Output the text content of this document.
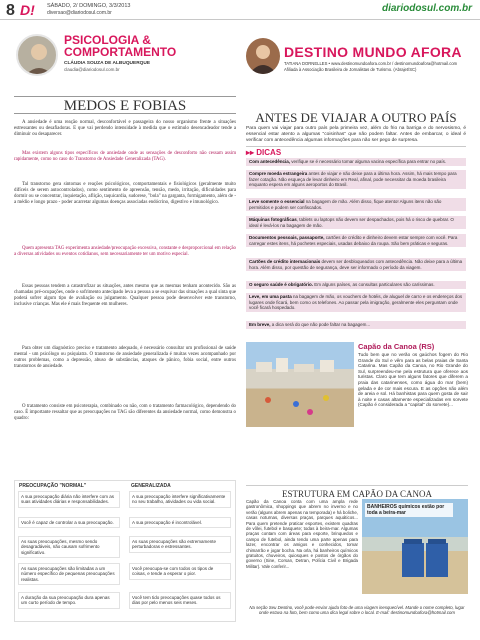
8 D! SÁBADO, 2/ DOMINGO, 3/3/2013
diversao@diariodosul.com.br	diariodosul.com.br
PSICOLOGIA &
COMPORTAMENTO
CLÁUDIA SOUZA DE ALBUQUERQUE
claudia@diariodosul.com.br
DESTINO MUNDO AFORA
TATIANA DORNELLES • www.destinomundoafora.com.br / destinomundoafora@hotmail.com
Afiliada à Associação Brasileira de Jornalistas de Turismo. (Abrajet/SC)
MEDOS E FOBIAS

A ansiedade é uma reação normal, desconfortável e passageira do nosso organismo frente a situações estressantes ou desafiadoras. E que vai perdendo intensidade à medida que o estímulo desencadeador tende a diminuir ou desaparecer.

Mas existem alguns tipos específicos de ansiedade onde as sensações de desconforto não cessam assim rapidamente, como no caso do Transtorno de Ansiedade Generalizada (TAG).

Tal transtorno gera sintomas e reações psicológicos, comportamentais e fisiológicos (geralmente muito difíceis de serem autocontrolados), como sentimento de apreensão, tensão, medo, irritação, dificuldades para dormir ou se concentrar, inquietação, aflição, taquicardia, sudorese, "bola" na garganta, formigamento, além de - a médio e longo prazo - poder acarretar algumas doenças associadas endócrino, digestivo e imunológico.

Quem apresenta TAG experimenta ansiedade/preocupação excessiva, constante e desproporcional em relação a diversas atividades ou eventos cotidianos, sem necessariamente ter um motivo especial.

Essas pessoas tendem a catastrofizar as situações, antes mesmo que as mesmas tenham acontecido. São as chamadas pré-ocupações, onde o sofrimento antecipado leva a pessoa a se esquivar das situações a qual sinta que poderá sofrer algum tipo de avaliação ou julgamento. Qualquer pessoa pode desenvolver este transtorno, inclusive crianças. Mas ele é mais frequente em mulheres.

Para obter um diagnóstico preciso e tratamento adequado, é necessário consultar um profissional de saúde mental - um psicólogo ou psiquiatra. O transtorno de ansiedade generalizada é muitas vezes acompanhado por outros problemas, como a depressão, abuso de substâncias, ataques de pânico, fobia social, entre outros transtornos de ansiedade.

O tratamento consiste em psicoterapia, combinado ou não, com o tratamento farmacológico, dependendo do caso. É importante ressaltar que as preocupações no TAG são diferentes da ansiedade normal, como demonstra o quadro:

PREOCUPAÇÃO "NORMAL"	GENERALIZADA
A sua preocupação diária não interfere com as suas atividades diárias e responsabilidades.
Você é capaz de controlar a sua preocupação.
As suas preocupações, mesmo sendo desagradáveis, não causam sofrimento significativo.
As suas preocupações são limitadas a um número específico de pequenas preocupações realistas.
A duração da sua preocupação dura apenas um curto período de tempo.
A sua preocupação interfere significativamente no seu trabalho, atividades ou vida social.
A sua preocupação é incontrolável.
As suas preocupações são extremamente perturbadoras e estressantes.
Você preocupa-se com todos os tipos de coisas, e tende a esperar o pior.
Você tem tido preocupações quase todos os dias por pelo menos seis meses.
ANTES DE VIAJAR A OUTRO PAÍS

Para quem vai viajar para outro país pela primeira vez, além do frio na barriga e do nervosismo, é essencial estar atento a algumas "coisinhas" que não podem faltar. Antes de embarcar, o ideal é verificar com antecedência algumas informações para não ser pego de surpresa.

▸▸ DICAS
Com antecedência, verifique se é necessário tomar alguma vacina específica para entrar no país.
Compre moeda estrangeira antes de viajar e não deixe para a última hora. Assim, há mais tempo para fazer cotação. Não esqueça de levar dinheiro em Real, afinal, pode necessitar da moeda brasileira enquanto espera em alguns aeroportos do Brasil.
Leve somente o essencial na bagagem de mão. Além disso, fique atento! Alguns itens não são permitidos e podem ser confiscados.
Máquinas fotográficas, tablets ou laptops não devem ser despachados, pois há o risco de quebrar. O ideal é levá-los na bagagem de mão.
Documentos pessoais, passaporte, cartões de crédito e dinheiro devem estar sempre com você. Para carregar estes itens, há pochetes especiais, usadas debaixo da roupa. São bem práticas e seguras.
Cartões de crédito internacionais devem ser desbloqueados com antecedência. Não deixe para a última hora. Além disso, por questão de segurança, deve ser informado o período da viagem.
O seguro saúde é obrigatório. Em alguns países, as consultas particulares são caríssimas.
Leve, em uma pasta na bagagem de mão, os vouchers de hotéis, de aluguel de carro e os endereços dos lugares onde ficará, bem como os telefones. Ao passar pela imigração, geralmente eles perguntam onde você ficará hospedado.
Em breve, a dica será do que não pode faltar na bagagem...
Capão da Canoa (RS)

Tudo bem que no verão os gaúchos fogem do Rio Grande do Sul e vêm para as belas praias de Santa Catarina. Mas Capão da Canoa, no Rio Grande do Sul, surpreendeu-me pela estrutura que oferece aos turistas. Claro que tem alguns fatores que diferem a praia das catarinenses, como água do mar (bem) gelada e de cor mais escura. E as opções não além de areia e sol. Há banhistas para quem gosta de sair à noite e casas altamente especializadas em sorvete (Capão é considerada a "capital" do sorvete)...

ESTRUTURA EM CAPÃO DA CANOA

Capão da Canoa conta com uma ampla rede gastronômica, shoppings que abrem no inverno e no verão (alguns abrem apenas na temporada) e há boliche, casas noturnas, diversas praças, parques aquáticos... Para quem pretende praticar esportes, existem quadras de vôlei, futebol e basquete; todas à beira-mar. Algumas praças contam com áreas para esporte, brinquedos e campo de futebol, ainda tendo uma parte apenas para lazer, encontrar os amigos e conhecidos, tomar chimarrão e jogar bocha. Na orla, há banheiros químicos gratuitos, chuveiros, quiosques e postos de órgãos do governo (Sine, Corsan, Detran, Polícia Civil e Brigada Militar). Vale conferir...

BANHEIROS químicos estão por toda a beira-mar

Na seção Seu Destino, você pode enviar ajuda foto de uma viagem inesquecível. Mande o nome completo, lugar onde estava na foto, bem como uma dica legal sobre o local. E-mail: destinomundoafora@hotmail.com
